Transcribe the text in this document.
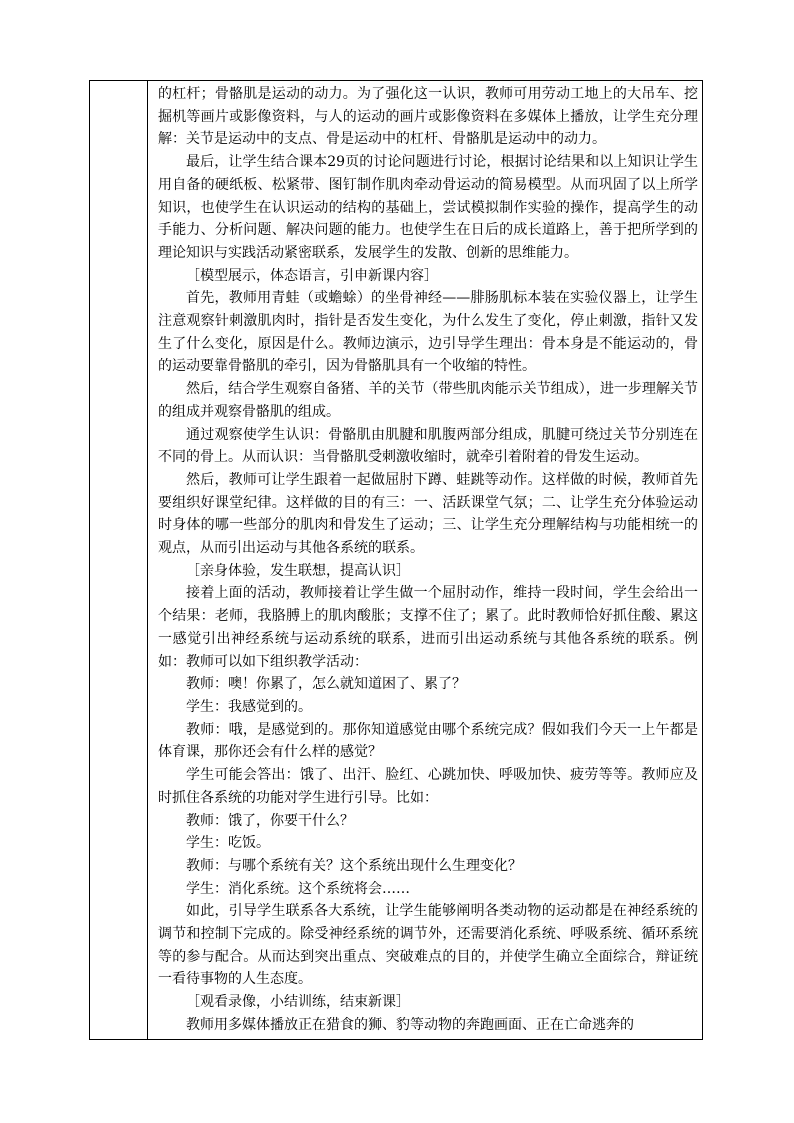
的杠杆；骨骼肌是运动的动力。为了强化这一认识，教师可用劳动工地上的大吊车、挖掘机等画片或影像资料，与人的运动的画片或影像资料在多媒体上播放，让学生充分理解：关节是运动中的支点、骨是运动中的杠杆、骨骼肌是运动中的动力。

最后，让学生结合课本29页的讨论问题进行讨论，根据讨论结果和以上知识让学生用自备的硬纸板、松紧带、图钉制作肌肉牵动骨运动的简易模型。从而巩固了以上所学知识，也使学生在认识运动的结构的基础上，尝试模拟制作实验的操作，提高学生的动手能力、分析问题、解决问题的能力。也使学生在日后的成长道路上，善于把所学到的理论知识与实践活动紧密联系，发展学生的发散、创新的思维能力。

［模型展示，体态语言，引申新课内容］

首先，教师用青蛙（或蟾蜍）的坐骨神经——腓肠肌标本装在实验仪器上，让学生注意观察针刺激肌肉时，指针是否发生变化，为什么发生了变化，停止刺激，指针又发生了什么变化，原因是什么。教师边演示，边引导学生理出：骨本身是不能运动的，骨的运动要靠骨骼肌的牵引，因为骨骼肌具有一个收缩的特性。

然后，结合学生观察自备猪、羊的关节（带些肌肉能示关节组成），进一步理解关节的组成并观察骨骼肌的组成。

通过观察使学生认识：骨骼肌由肌腱和肌腹两部分组成，肌腱可绕过关节分别连在不同的骨上。从而认识：当骨骼肌受刺激收缩时，就牵引着附着的骨发生运动。

然后，教师可让学生跟着一起做屈肘下蹲、蛙跳等动作。这样做的时候，教师首先要组织好课堂纪律。这样做的目的有三：一、活跃课堂气氛；二、让学生充分体验运动时身体的哪一些部分的肌肉和骨发生了运动；三、让学生充分理解结构与功能相统一的观点，从而引出运动与其他各系统的联系。

［亲身体验，发生联想，提高认识］

接着上面的活动，教师接着让学生做一个屈肘动作，维持一段时间，学生会给出一个结果：老师，我胳膊上的肌肉酸胀；支撑不住了；累了。此时教师恰好抓住酸、累这一感觉引出神经系统与运动系统的联系，进而引出运动系统与其他各系统的联系。例如：教师可以如下组织教学活动：

教师：噢！你累了，怎么就知道困了、累了？

学生：我感觉到的。

教师：哦，是感觉到的。那你知道感觉由哪个系统完成？假如我们今天一上午都是体育课，那你还会有什么样的感觉？

学生可能会答出：饿了、出汗、脸红、心跳加快、呼吸加快、疲劳等等。教师应及时抓住各系统的功能对学生进行引导。比如：

教师：饿了，你要干什么？

学生：吃饭。

教师：与哪个系统有关？这个系统出现什么生理变化？

学生：消化系统。这个系统将会……

如此，引导学生联系各大系统，让学生能够阐明各类动物的运动都是在神经系统的调节和控制下完成的。除受神经系统的调节外，还需要消化系统、呼吸系统、循环系统等的参与配合。从而达到突出重点、突破难点的目的，并使学生确立全面综合，辩证统一看待事物的人生态度。

［观看录像，小结训练，结束新课］

教师用多媒体播放正在猎食的狮、豹等动物的奔跑画面、正在亡命逃奔的
